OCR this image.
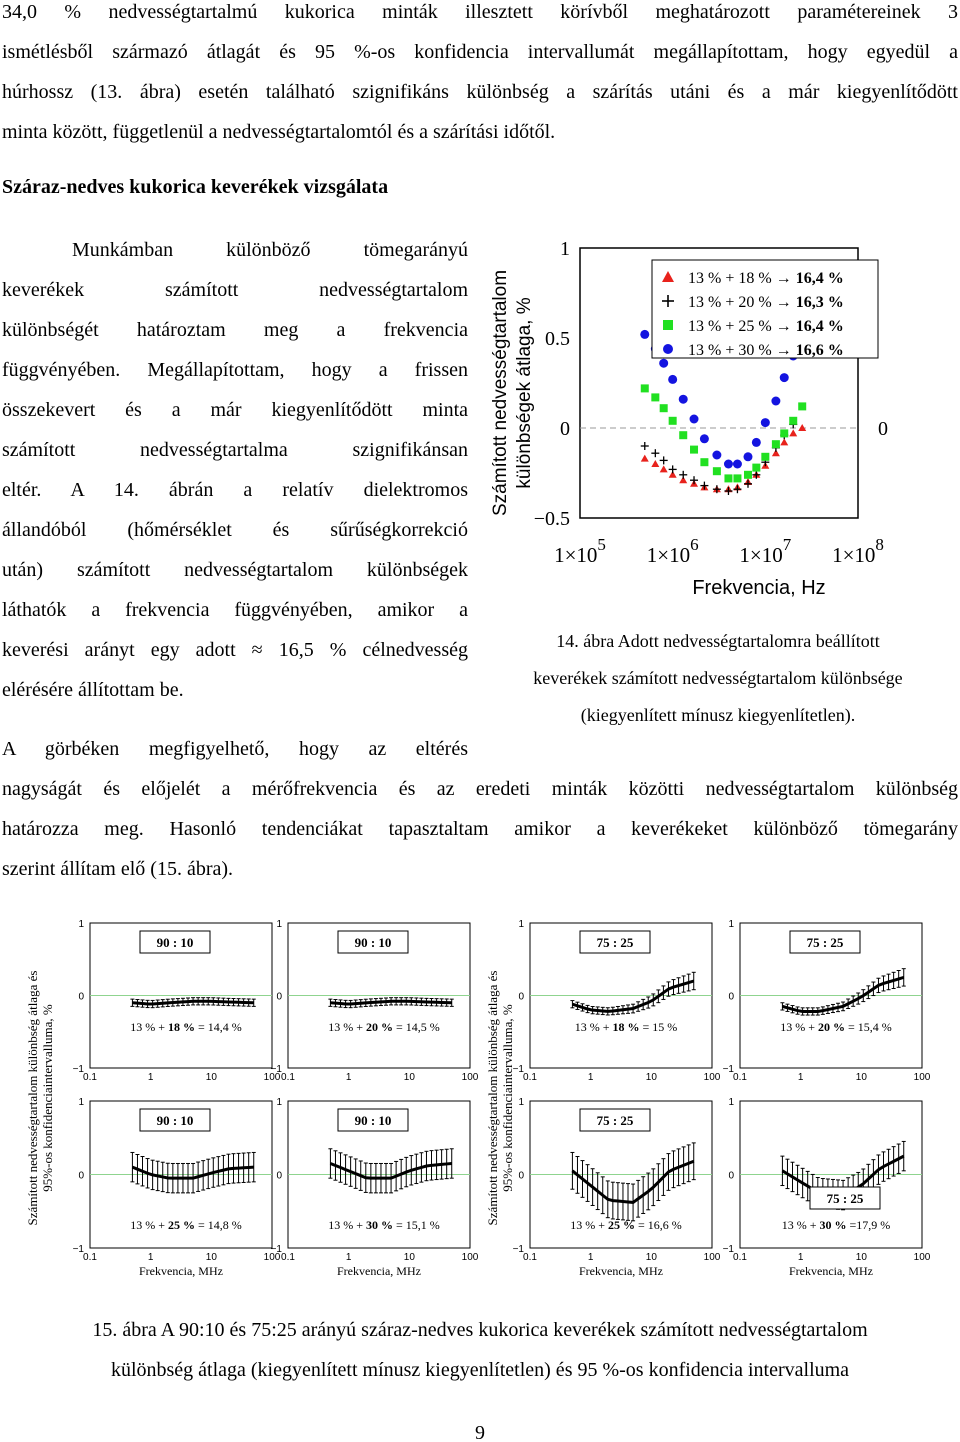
34,0 % nedvességtartalmú kukorica minták illesztett körívből meghatározott paramétereinek 3
ismétlésből származó átlagát és 95 %-os konfidencia intervallumát megállapítottam, hogy egyedül a
húrhossz (13. ábra) esetén található szignifikáns különbség a szárítás utáni és a már kiegyenlítődött
minta között, függetlenül a nedvességtartalomtól és a szárítási időtől.
Száraz-nedves kukorica keverékek vizsgálata
Munkámban különböző tömegarányú
keverékek számított nedvességtartalom
különbségét határoztam meg a frekvencia
függvényében. Megállapítottam, hogy a frissen
összekevert és a már kiegyenlítődött minta
számított nedvességtartalma szignifikánsan
eltér. A 14. ábrán a relatív dielektromos
állandóból (hőmérséklet és sűrűségkorrekció
után) számított nedvességtartalom különbségek
láthatók a frekvencia függvényében, amikor a
keverési arányt egy adott ≈ 16,5 % célnedvesség
elérésére állítottam be.
A görbéken megfigyelhető, hogy az eltérés
1
0.5
0
−0.5
0
$1\times 10^5$ $1\times 10^6$ $1\times 10^7$ $1\times 10^8$
Frekvencia, Hz
Számított nedvességtartalom különbségek átlaga, %
13 % + 18 % → 16,4 %
13 % + 20 % → 16,3 %
13 % + 25 % → 16,4 %
13 % + 30 % → 16,6 %
14. ábra Adott nedvességtartalomra beállított
keverékek számított nedvességtartalom különbsége
(kiegyenlített mínusz kiegyenlítetlen).
nagyságát és előjelét a mérőfrekvencia és az eredeti minták közötti nedvességtartalom különbség
határozza meg. Hasonló tendenciákat tapasztaltam amikor a keverékeket különböző tömegarány
szerint állítam elő (15. ábra).
Számított nedvességtartalom különbség átlaga és 95%-os konfidenciaintervalluma, %	Számított nedvességtartalom különbség átlaga és 95%-os konfidenciaintervalluma, %
1
0
−1
0.1	1	10	100
90 : 10
13 % + 18 % = 14,4 %
1
0
−1
0.1	1	10	100
90 : 10
13 % + 20 % = 14,5 %
1
0
−1
0.1	1	10	100
75 : 25
13 % + 18 % = 15 %
1
0
−1
0.1	1	10	100
75 : 25
13 % + 20 % = 15,4 %
1
0
−1
0.1	1	10	100
90 : 10
13 % + 25 % = 14,8 %
Frekvencia, MHz
1
0
−1
0.1	1	10	100
90 : 10
13 % + 30 % = 15,1 %
Frekvencia, MHz
1
0
−1
0.1	1	10	100
75 : 25
13 % + 25 % = 16,6 %
Frekvencia, MHz
1
0
−1
0.1	1	10	100
75 : 25
13 % + 30 % =17,9 %
Frekvencia, MHz
15. ábra A 90:10 és 75:25 arányú száraz-nedves kukorica keverékek számított nedvességtartalom
különbség átlaga (kiegyenlített mínusz kiegyenlítetlen) és 95 %-os konfidencia intervalluma
9
